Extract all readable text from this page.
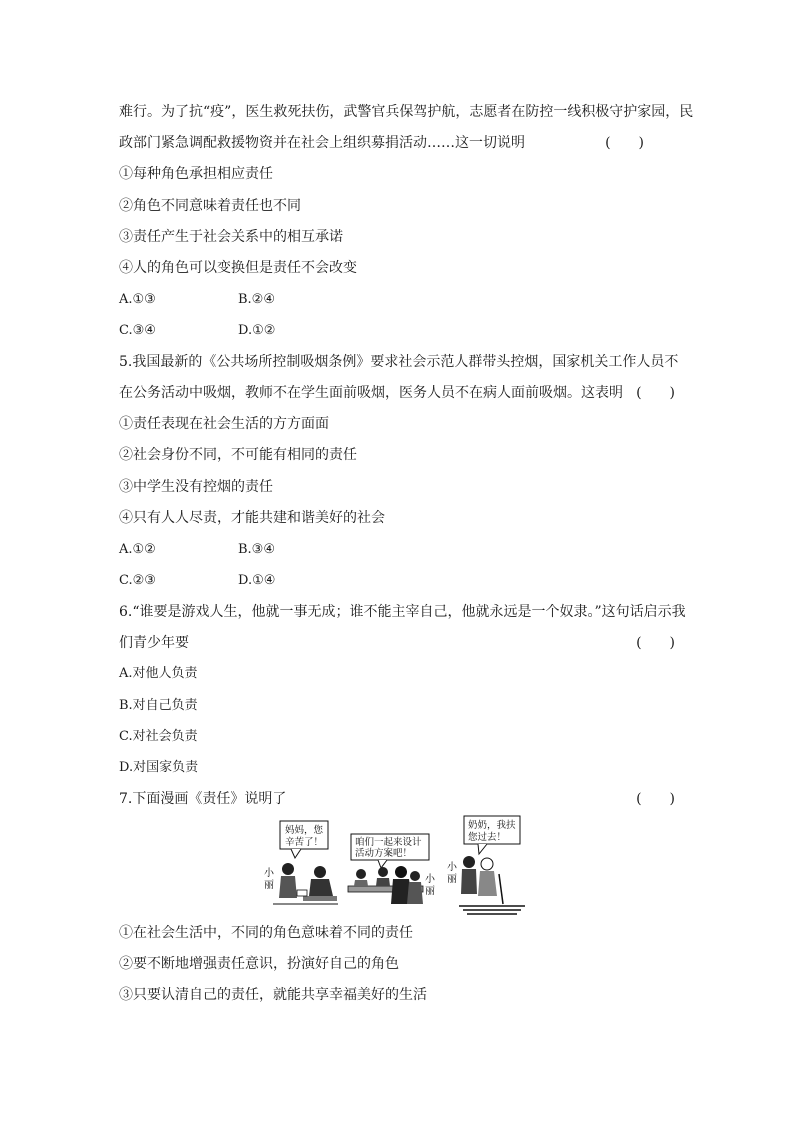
难行。为了抗“疫”，医生救死扶伤，武警官兵保驾护航，志愿者在防控一线积极守护家园，民
政部门紧急调配救援物资并在社会上组织募捐活动……这一切说明	(　　)
①每种角色承担相应责任
②角色不同意味着责任也不同
③责任产生于社会关系中的相互承诺
④人的角色可以变换但是责任不会改变
A.①③	B.②④
C.③④	D.①②
5.我国最新的《公共场所控制吸烟条例》要求社会示范人群带头控烟，国家机关工作人员不
在公务活动中吸烟，教师不在学生面前吸烟，医务人员不在病人面前吸烟。这表明 (　　)
①责任表现在社会生活的方方面面
②社会身份不同，不可能有相同的责任
③中学生没有控烟的责任
④只有人人尽责，才能共建和谐美好的社会
A.①②	B.③④
C.②③	D.①④
6.“谁要是游戏人生，他就一事无成；谁不能主宰自己，他就永远是一个奴隶。”这句话启示我
们青少年要	(　　)
A.对他人负责
B.对自己负责
C.对社会负责
D.对国家负责
7.下面漫画《责任》说明了	(　　)
妈妈，您
辛苦了！
小丽
咱们一起来设计
活动方案吧！
小丽
奶奶，我扶
您过去！
小丽
①在社会生活中，不同的角色意味着不同的责任
②要不断地增强责任意识，扮演好自己的角色
③只要认清自己的责任，就能共享幸福美好的生活
